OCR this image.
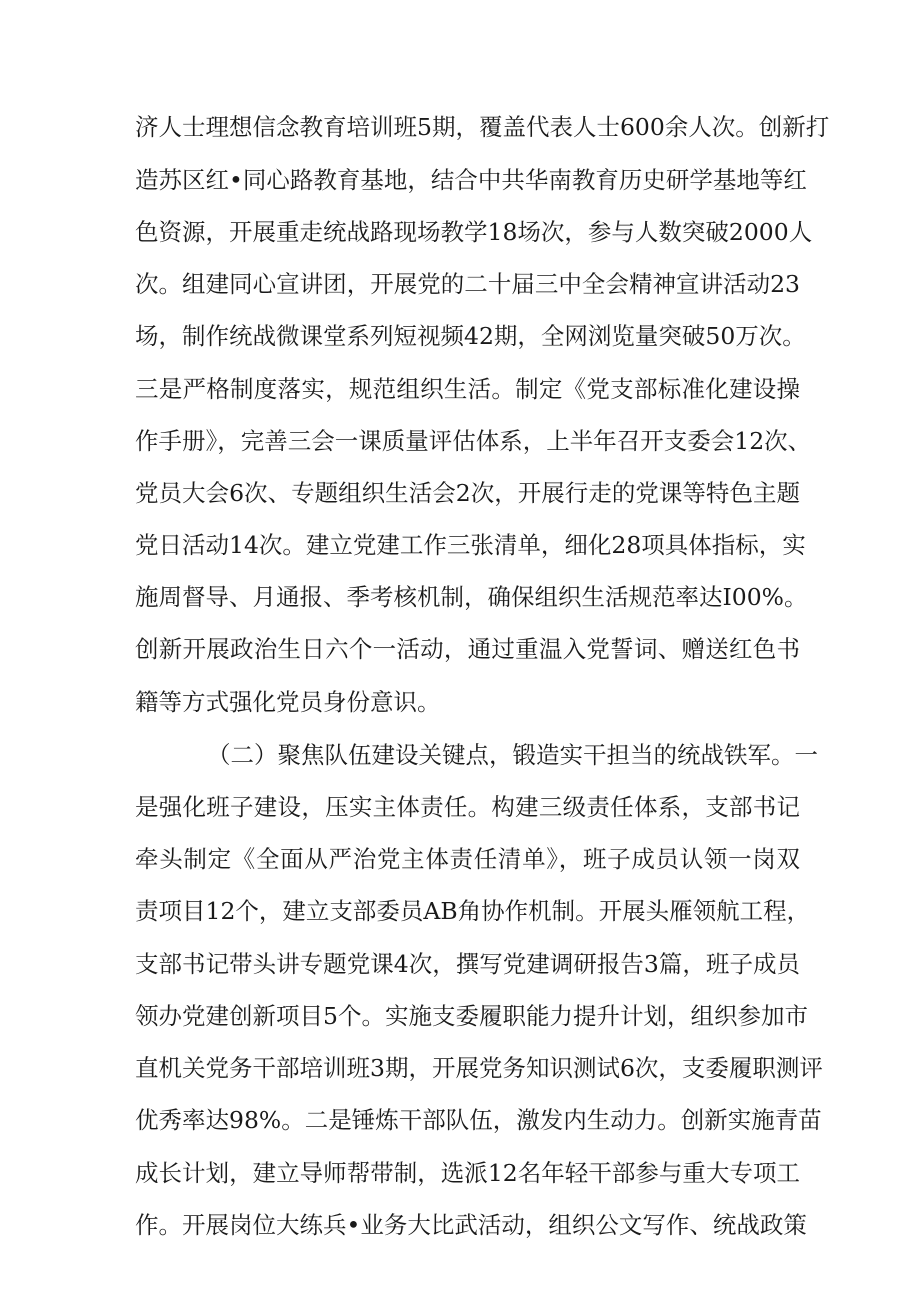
济人士理想信念教育培训班5期，覆盖代表人士600余人次。创新打
造苏区红•同心路教育基地，结合中共华南教育历史研学基地等红
色资源，开展重走统战路现场教学18场次，参与人数突破2000人
次。组建同心宣讲团，开展党的二十届三中全会精神宣讲活动23
场，制作统战微课堂系列短视频42期，全网浏览量突破50万次。
三是严格制度落实，规范组织生活。制定《党支部标准化建设操
作手册》，完善三会一课质量评估体系，上半年召开支委会12次、
党员大会6次、专题组织生活会2次，开展行走的党课等特色主题
党日活动14次。建立党建工作三张清单，细化28项具体指标，实
施周督导、月通报、季考核机制，确保组织生活规范率达I00%。
创新开展政治生日六个一活动，通过重温入党誓词、赠送红色书
籍等方式强化党员身份意识。
（二）聚焦队伍建设关键点，锻造实干担当的统战铁军。一
是强化班子建设，压实主体责任。构建三级责任体系，支部书记
牵头制定《全面从严治党主体责任清单》，班子成员认领一岗双
责项目12个，建立支部委员AB角协作机制。开展头雁领航工程，
支部书记带头讲专题党课4次，撰写党建调研报告3篇，班子成员
领办党建创新项目5个。实施支委履职能力提升计划，组织参加市
直机关党务干部培训班3期，开展党务知识测试6次，支委履职测评
优秀率达98%。二是锤炼干部队伍，激发内生动力。创新实施青苗
成长计划，建立导师帮带制，选派12名年轻干部参与重大专项工
作。开展岗位大练兵•业务大比武活动，组织公文写作、统战政策
